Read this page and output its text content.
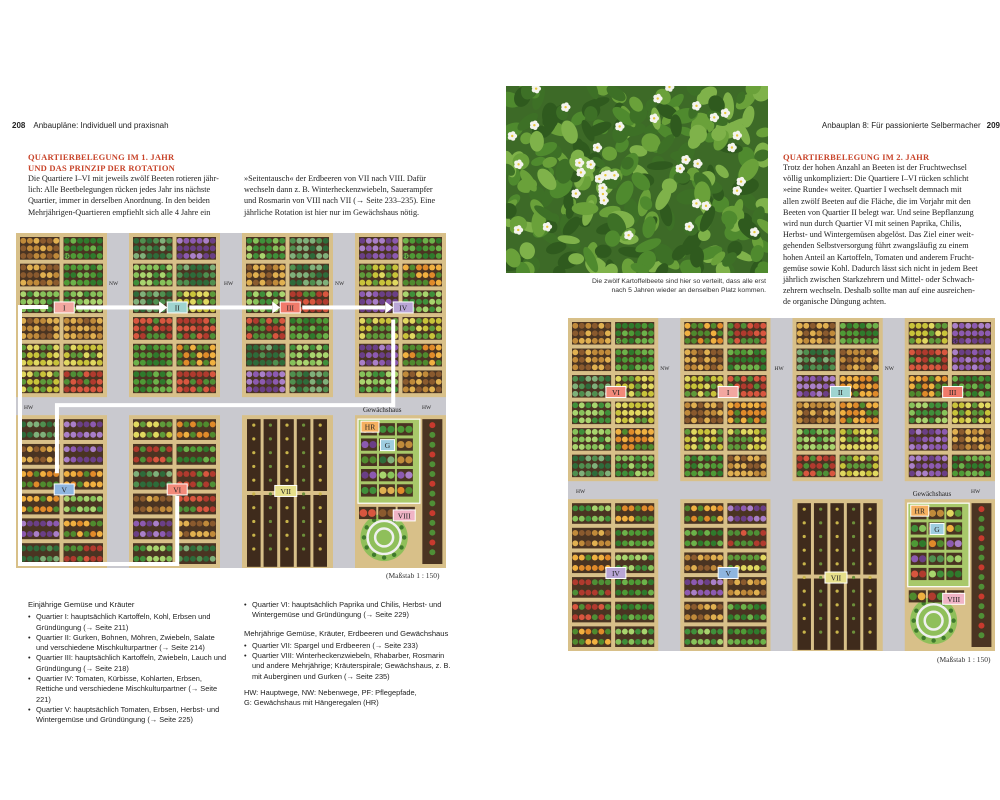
208 Anbaupläne: Individuell und praxisnah
QUARTIERBELEGUNG IM 1. JAHR
UND DAS PRINZIP DER ROTATION
Die Quartiere I–VI mit jeweils zwölf Beeten rotieren jähr-
lich: Alle Beetbelegungen rücken jedes Jahr ins nächste
Quartier, immer in derselben Anordnung. In den beiden
Mehrjährigen-Quartieren empfiehlt sich alle 4 Jahre ein
»Seitentausch« der Erdbeeren von VII nach VIII. Dafür
wechseln dann z. B. Winterheckenzwiebeln, Sauerampfer
und Rosmarin von VIII nach VII (→ Seite 233–235). Eine
jährliche Rotation ist hier nur im Gewächshaus nötig.
PF	PF
NW	NW
HW
HW	HW
Gewächshaus
I	II	III	IV
V	VI	VII
VIII
HR
G
(Maßstab 1 : 150)
Einjährige Gemüse und Kräuter
• Quartier I: hauptsächlich Kartoffeln, Kohl, Erbsen und Gründüngung (→ Seite 211)
• Quartier II: Gurken, Bohnen, Möhren, Zwiebeln, Salate und verschiedene Mischkulturpartner (→ Seite 214)
• Quartier III: hauptsächlich Kartoffeln, Zwiebeln, Lauch und Gründüngung (→ Seite 218)
• Quartier IV: Tomaten, Kürbisse, Kohlarten, Erbsen, Rettiche und verschiedene Mischkulturpartner (→ Seite 221)
• Quartier V: hauptsächlich Tomaten, Erbsen, Herbst- und Wintergemüse und Gründüngung (→ Seite 225)
• Quartier VI: hauptsächlich Paprika und Chilis, Herbst- und Wintergemüse und Gründüngung (→ Seite 229)
Mehrjährige Gemüse, Kräuter, Erdbeeren und Gewächshaus
• Quartier VII: Spargel und Erdbeeren (→ Seite 233)
• Quartier VIII: Winterheckenzwiebeln, Rhabarber, Rosmarin und andere Mehrjährige; Kräuterspirale; Gewächshaus, z. B. mit Auberginen und Gurken (→ Seite 235)

HW: Hauptwege, NW: Nebenwege, PF: Pflegepfade,
G: Gewächshaus mit Hängeregalen (HR)

Anbauplan 8: Für passionierte Selbermacher 209
Die zwölf Kartoffelbeete sind hier so verteilt, dass alle erst
nach 5 Jahren wieder an denselben Platz kommen.
QUARTIERBELEGUNG IM 2. JAHR
Trotz der hohen Anzahl an Beeten ist der Fruchtwechsel
völlig unkompliziert: Die Quartiere I–VI rücken schlicht
»eine Runde« weiter. Quartier I wechselt demnach mit
allen zwölf Beeten auf die Fläche, die im Vorjahr mit den
Beeten von Quartier II belegt war. Und seine Bepflanzung
wird nun durch Quartier VI mit seinen Paprika, Chilis,
Herbst- und Wintergemüsen abgelöst. Das Ziel einer weit-
gehenden Selbstversorgung führt zwangsläufig zu einem
hohen Anteil an Kartoffeln, Tomaten und anderem Frucht-
gemüse sowie Kohl. Dadurch lässt sich nicht in jedem Beet
jährlich zwischen Starkzehrern und Mittel- oder Schwach-
zehrern wechseln. Deshalb sollte man auf eine ausreichen-
de organische Düngung achten.
PF	PF
NW	NW
HW
HW	HW
Gewächshaus
VI	I	II	III
IV	V
VII
VIII
HR
G
(Maßstab 1 : 150)
